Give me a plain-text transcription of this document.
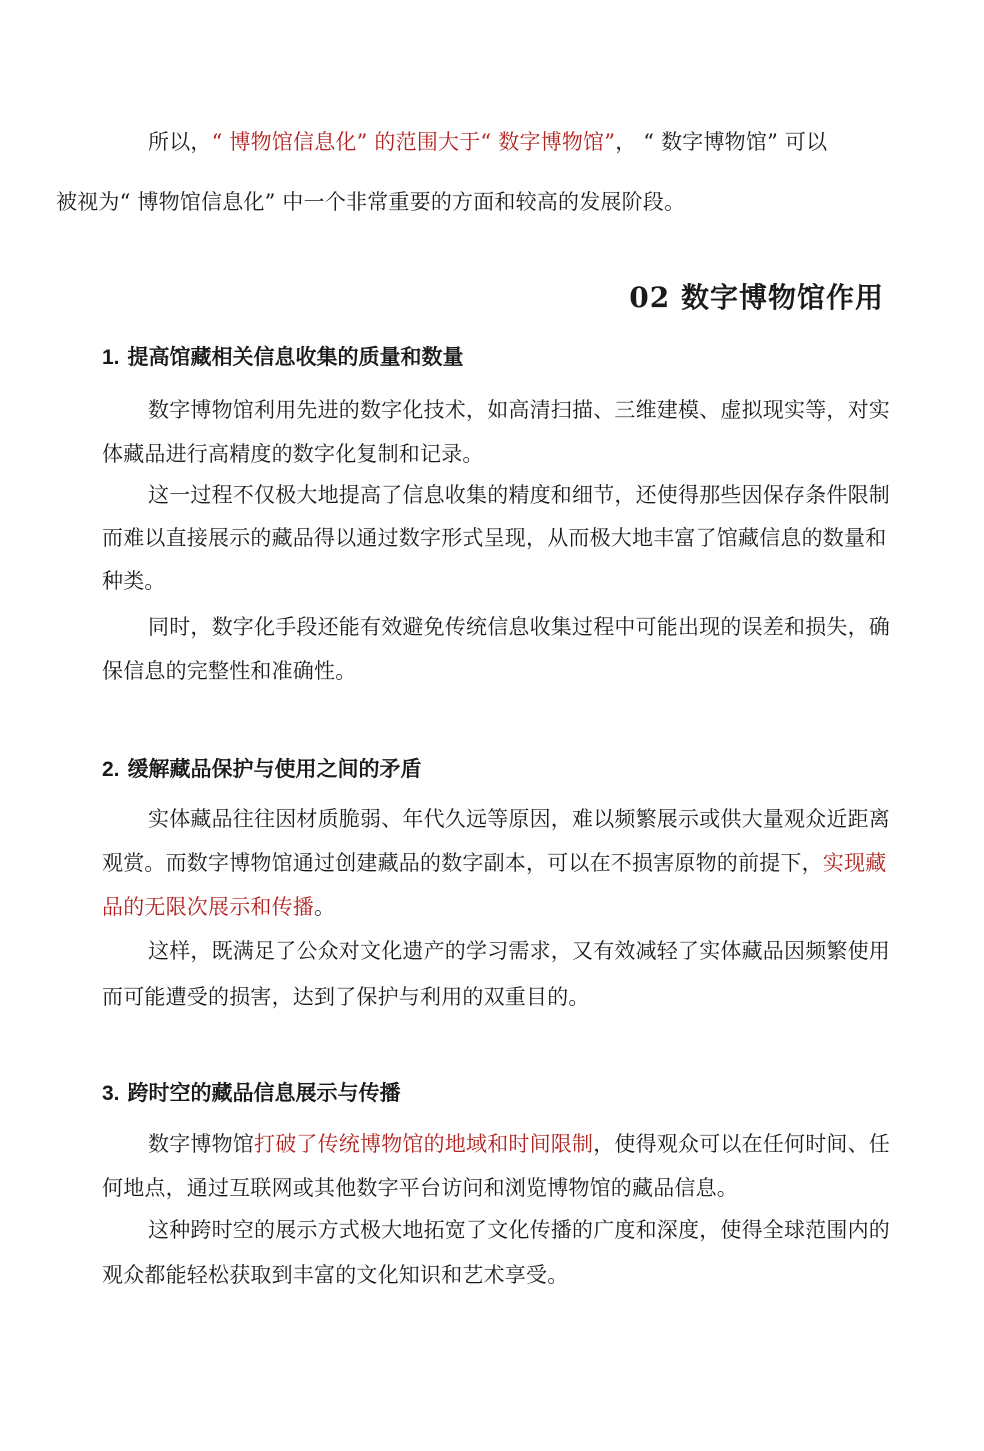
所以，“ 博物馆信息化” 的范围大于“ 数字博物馆”， “ 数字博物馆” 可以
被视为“ 博物馆信息化” 中一个非常重要的方面和较高的发展阶段。
02 数字博物馆作用
1. 提高馆藏相关信息收集的质量和数量
数字博物馆利用先进的数字化技术，如高清扫描、三维建模、虚拟现实等，对实体藏品进行高精度的数字化复制和记录。
这一过程不仅极大地提高了信息收集的精度和细节，还使得那些因保存条件限制而难以直接展示的藏品得以通过数字形式呈现，从而极大地丰富了馆藏信息的数量和种类。
同时，数字化手段还能有效避免传统信息收集过程中可能出现的误差和损失，确保信息的完整性和准确性。
2. 缓解藏品保护与使用之间的矛盾
实体藏品往往因材质脆弱、年代久远等原因，难以频繁展示或供大量观众近距离观赏。而数字博物馆通过创建藏品的数字副本，可以在不损害原物的前提下，实现藏品的无限次展示和传播。
这样，既满足了公众对文化遗产的学习需求，又有效减轻了实体藏品因频繁使用而可能遭受的损害，达到了保护与利用的双重目的。
3. 跨时空的藏品信息展示与传播
数字博物馆打破了传统博物馆的地域和时间限制，使得观众可以在任何时间、任何地点，通过互联网或其他数字平台访问和浏览博物馆的藏品信息。
这种跨时空的展示方式极大地拓宽了文化传播的广度和深度，使得全球范围内的观众都能轻松获取到丰富的文化知识和艺术享受。
